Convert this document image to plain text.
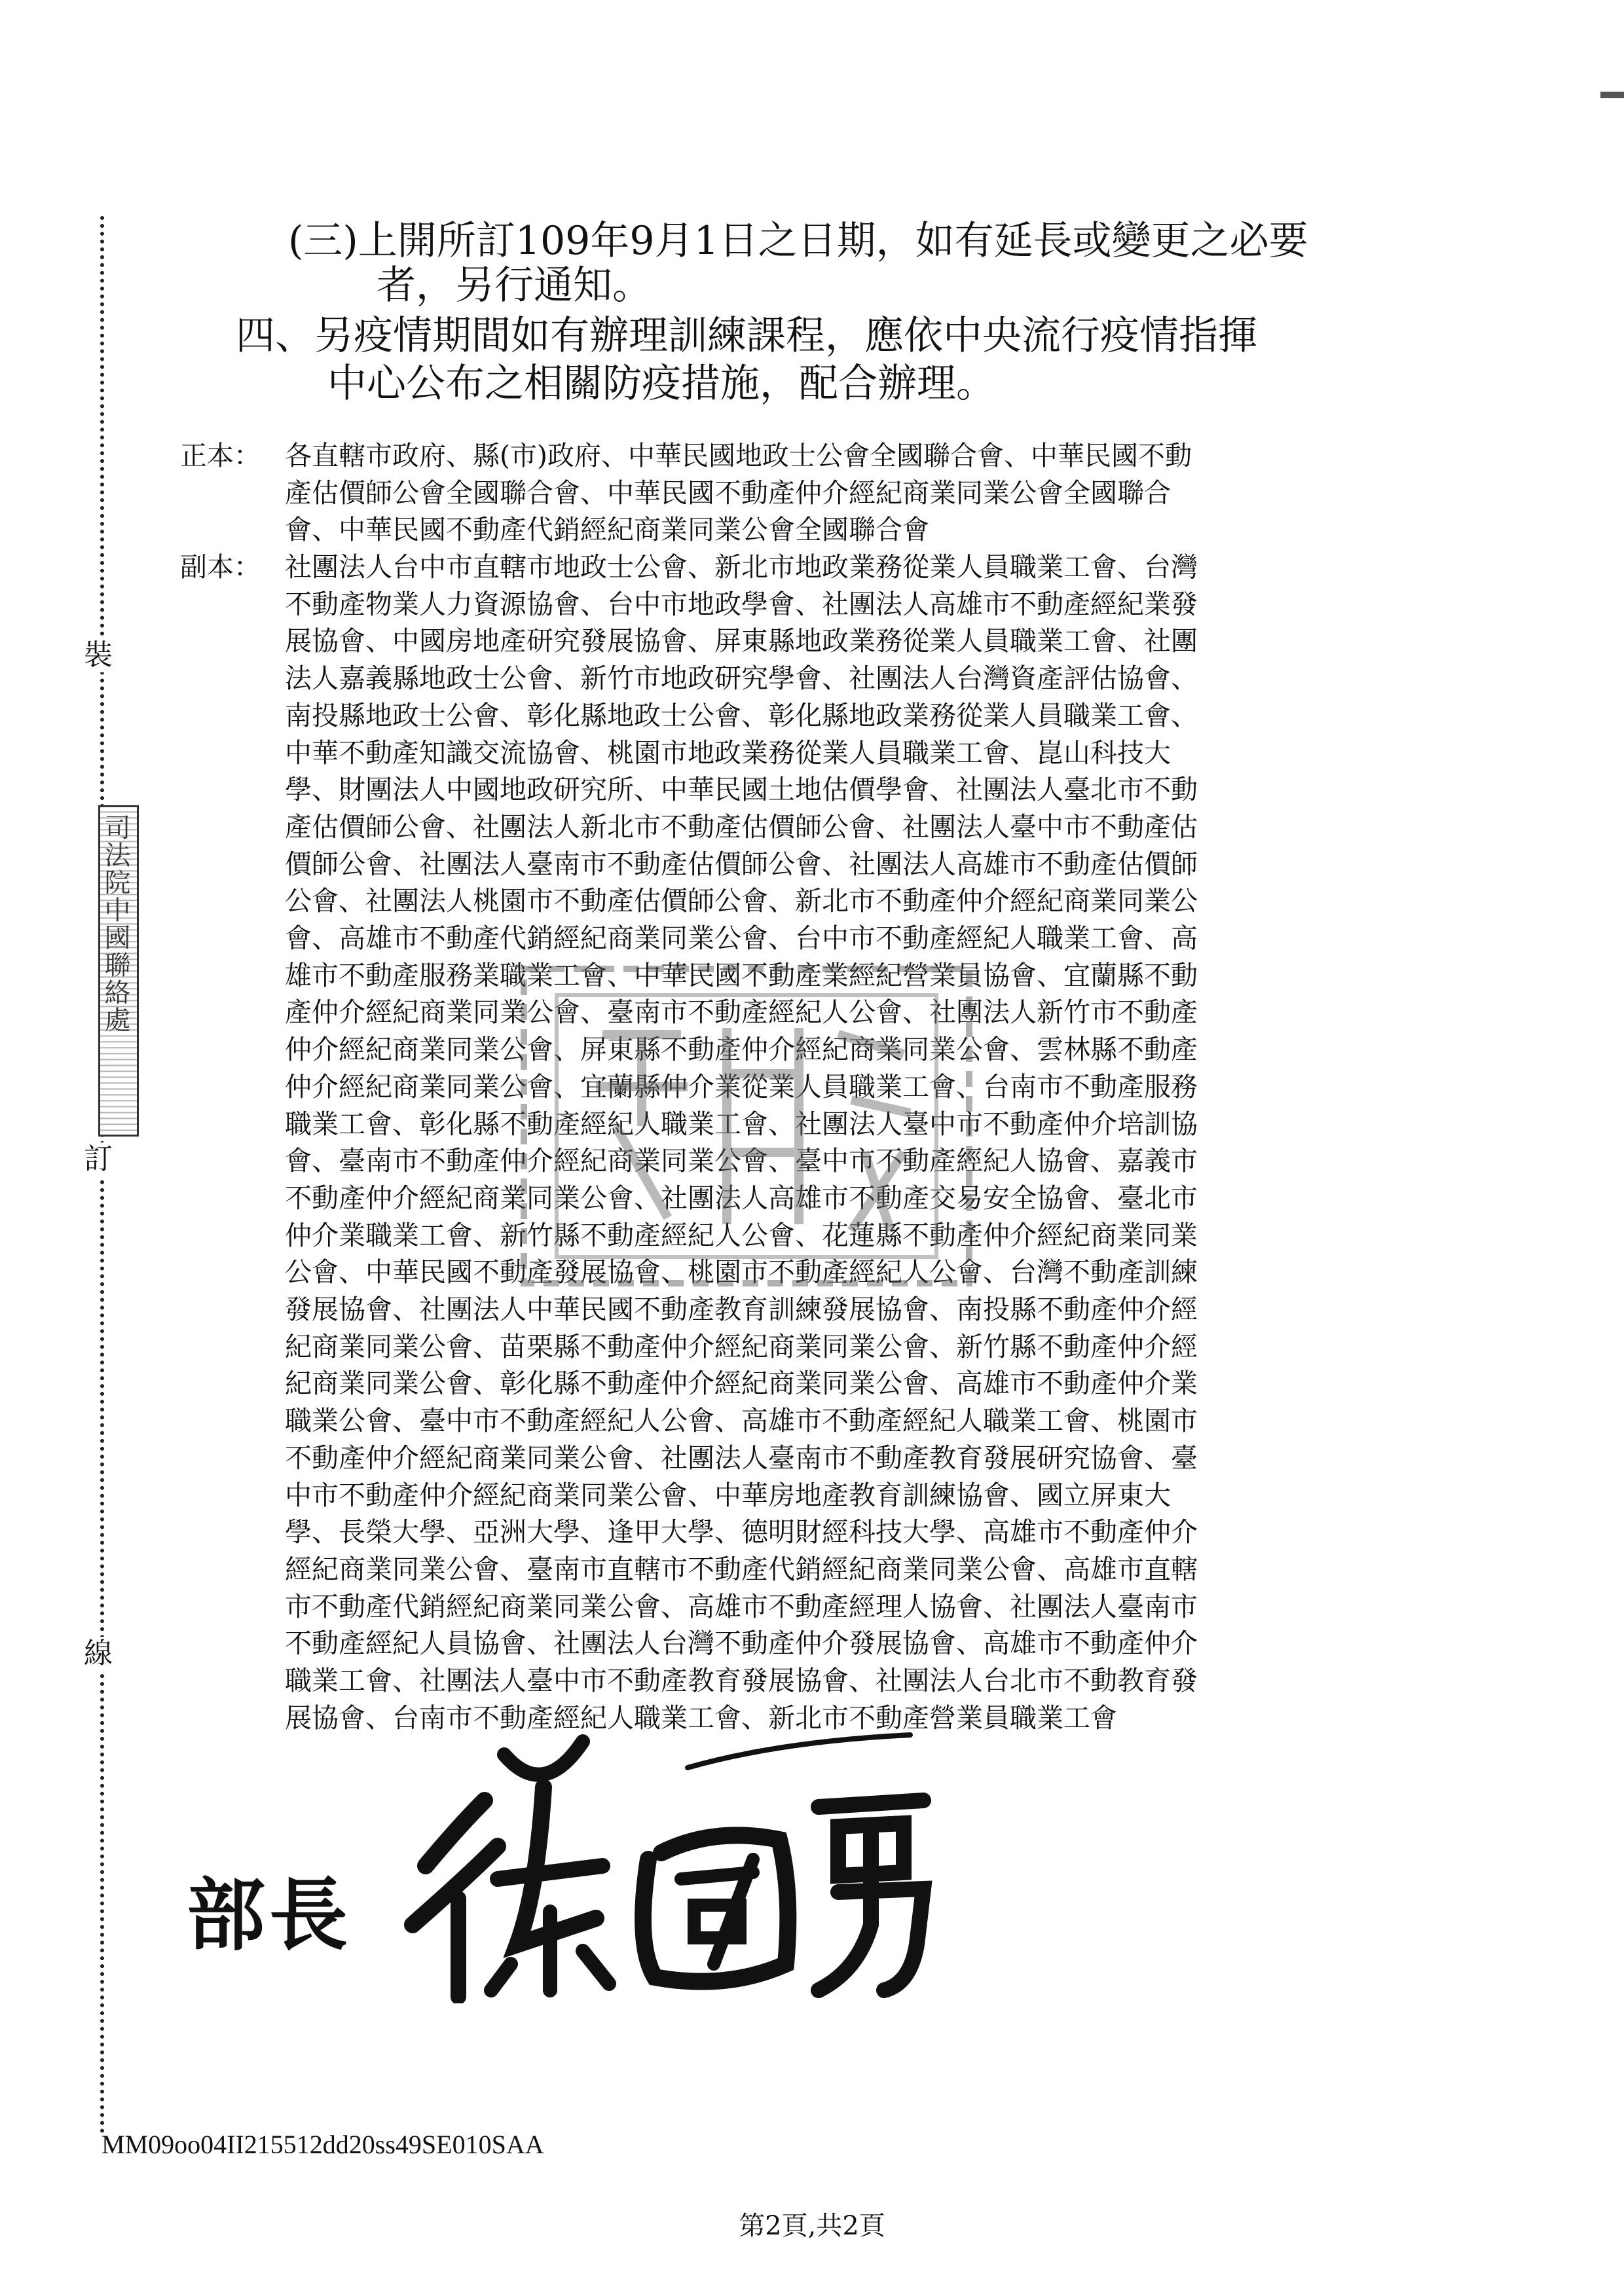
裝
訂
線
司法院中國聯絡處
(三)上開所訂109年9月1日之日期，如有延長或變更之必要
者，另行通知。
四、另疫情期間如有辦理訓練課程，應依中央流行疫情指揮
中心公布之相關防疫措施，配合辦理。
正本： 各直轄市政府、縣(市)政府、中華民國地政士公會全國聯合會、中華民國不動
產估價師公會全國聯合會、中華民國不動產仲介經紀商業同業公會全國聯合
會、中華民國不動產代銷經紀商業同業公會全國聯合會
副本： 社團法人台中市直轄市地政士公會、新北市地政業務從業人員職業工會、台灣
不動產物業人力資源協會、台中市地政學會、社團法人高雄市不動產經紀業發
展協會、中國房地產研究發展協會、屏東縣地政業務從業人員職業工會、社團
法人嘉義縣地政士公會、新竹市地政研究學會、社團法人台灣資產評估協會、
南投縣地政士公會、彰化縣地政士公會、彰化縣地政業務從業人員職業工會、
中華不動產知識交流協會、桃園市地政業務從業人員職業工會、崑山科技大
學、財團法人中國地政研究所、中華民國土地估價學會、社團法人臺北市不動
產估價師公會、社團法人新北市不動產估價師公會、社團法人臺中市不動產估
價師公會、社團法人臺南市不動產估價師公會、社團法人高雄市不動產估價師
公會、社團法人桃園市不動產估價師公會、新北市不動產仲介經紀商業同業公
會、高雄市不動產代銷經紀商業同業公會、台中市不動產經紀人職業工會、高
雄市不動產服務業職業工會、中華民國不動產業經紀營業員協會、宜蘭縣不動
產仲介經紀商業同業公會、臺南市不動產經紀人公會、社團法人新竹市不動產
仲介經紀商業同業公會、屏東縣不動產仲介經紀商業同業公會、雲林縣不動產
仲介經紀商業同業公會、宜蘭縣仲介業從業人員職業工會、台南市不動產服務
職業工會、彰化縣不動產經紀人職業工會、社團法人臺中市不動產仲介培訓協
會、臺南市不動產仲介經紀商業同業公會、臺中市不動產經紀人協會、嘉義市
不動產仲介經紀商業同業公會、社團法人高雄市不動產交易安全協會、臺北市
仲介業職業工會、新竹縣不動產經紀人公會、花蓮縣不動產仲介經紀商業同業
公會、中華民國不動產發展協會、桃園市不動產經紀人公會、台灣不動產訓練
發展協會、社團法人中華民國不動產教育訓練發展協會、南投縣不動產仲介經
紀商業同業公會、苗栗縣不動產仲介經紀商業同業公會、新竹縣不動產仲介經
紀商業同業公會、彰化縣不動產仲介經紀商業同業公會、高雄市不動產仲介業
職業公會、臺中市不動產經紀人公會、高雄市不動產經紀人職業工會、桃園市
不動產仲介經紀商業同業公會、社團法人臺南市不動產教育發展研究協會、臺
中市不動產仲介經紀商業同業公會、中華房地產教育訓練協會、國立屏東大
學、長榮大學、亞洲大學、逢甲大學、德明財經科技大學、高雄市不動產仲介
經紀商業同業公會、臺南市直轄市不動產代銷經紀商業同業公會、高雄市直轄
市不動產代銷經紀商業同業公會、高雄市不動產經理人協會、社團法人臺南市
不動產經紀人員協會、社團法人台灣不動產仲介發展協會、高雄市不動產仲介
職業工會、社團法人臺中市不動產教育發展協會、社團法人台北市不動教育發
展協會、台南市不動產經紀人職業工會、新北市不動產營業員職業工會
部長
MM09oo04II215512dd20ss49SE010SAA
第2頁,共2頁
